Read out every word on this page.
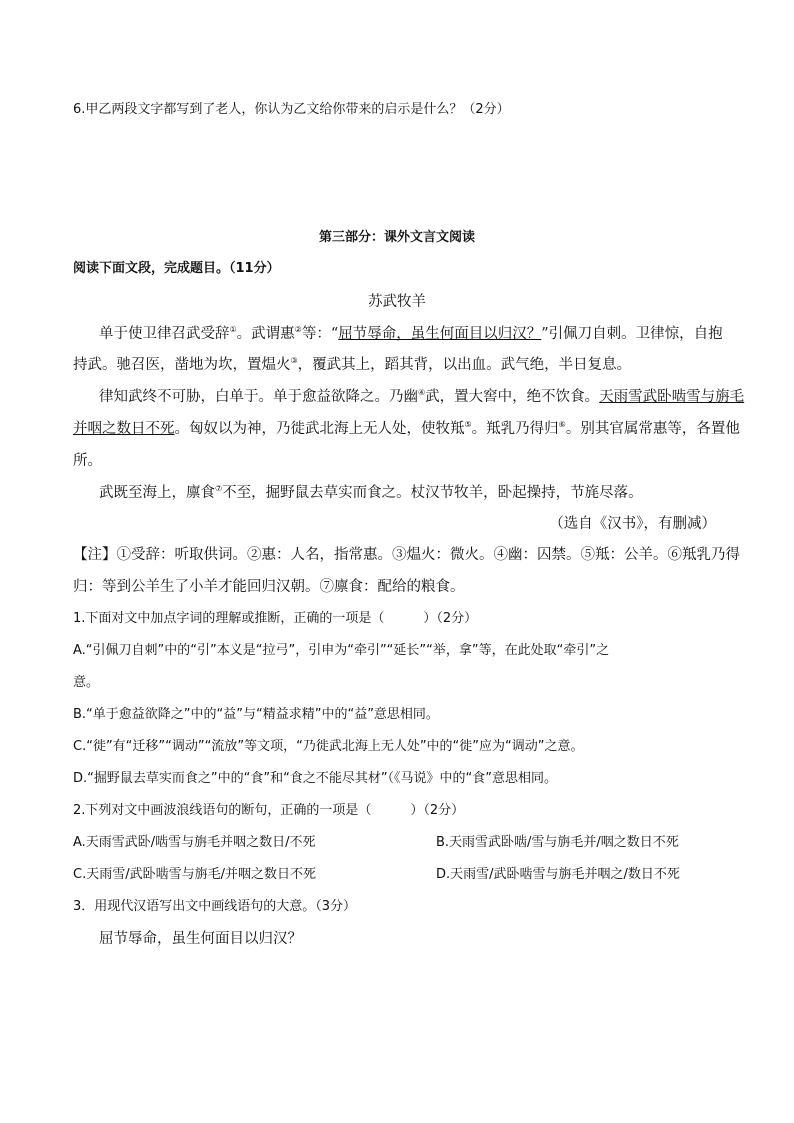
6.甲乙两段文字都写到了老人，你认为乙文给你带来的启示是什么？（2分）
第三部分：课外文言文阅读
阅读下面文段，完成题目。（11分）
苏武牧羊
单于使卫律召武受辞①。武谓惠②等：“屈节辱命，虽生何面目以归汉？”引佩刀自刺。卫律惊，自抱
持武。驰召医，凿地为坎，置煴火③，覆武其上，蹈其背，以出血。武气绝，半日复息。
律知武终不可胁，白单于。单于愈益欲降之。乃幽④武，置大窖中，绝不饮食。天雨雪武卧啮雪与旃毛
并咽之数日不死。匈奴以为神，乃徙武北海上无人处，使牧羝⑤。羝乳乃得归⑥。别其官属常惠等，各置他
所。
武既至海上，廪食⑦不至，掘野鼠去草实而食之。杖汉节牧羊，卧起操持，节旄尽落。
（选自《汉书》，有删减）
【注】①受辞：听取供词。②惠：人名，指常惠。③煴火：微火。④幽：囚禁。⑤羝：公羊。⑥羝乳乃得
归：等到公羊生了小羊才能回归汉朝。⑦廪食：配给的粮食。
1.下面对文中加点字词的理解或推断，正确的一项是（　　　）（2分）
A.“引佩刀自刺”中的“引”本义是“拉弓”，引申为“牵引”“延长”“举，拿”等，在此处取“牵引”之
意。
B.“单于愈益欲降之”中的“益”与“精益求精”中的“益”意思相同。
C.“徙”有“迁移”“调动”“流放”等文项，“乃徙武北海上无人处”中的“徙”应为“调动”之意。
D.“掘野鼠去草实而食之”中的“食”和“食之不能尽其材”（《马说》中的“食”意思相同。
2.下列对文中画波浪线语句的断句，正确的一项是（　　　）（2分）
A.天雨雪武卧/啮雪与旃毛并咽之数日/不死	B.天雨雪武卧啮/雪与旃毛并/咽之数日不死
C.天雨雪/武卧啮雪与旃毛/并咽之数日不死	D.天雨雪/武卧啮雪与旃毛并咽之/数日不死
3．用现代汉语写出文中画线语句的大意。（3分）
屈节辱命，虽生何面目以归汉？
